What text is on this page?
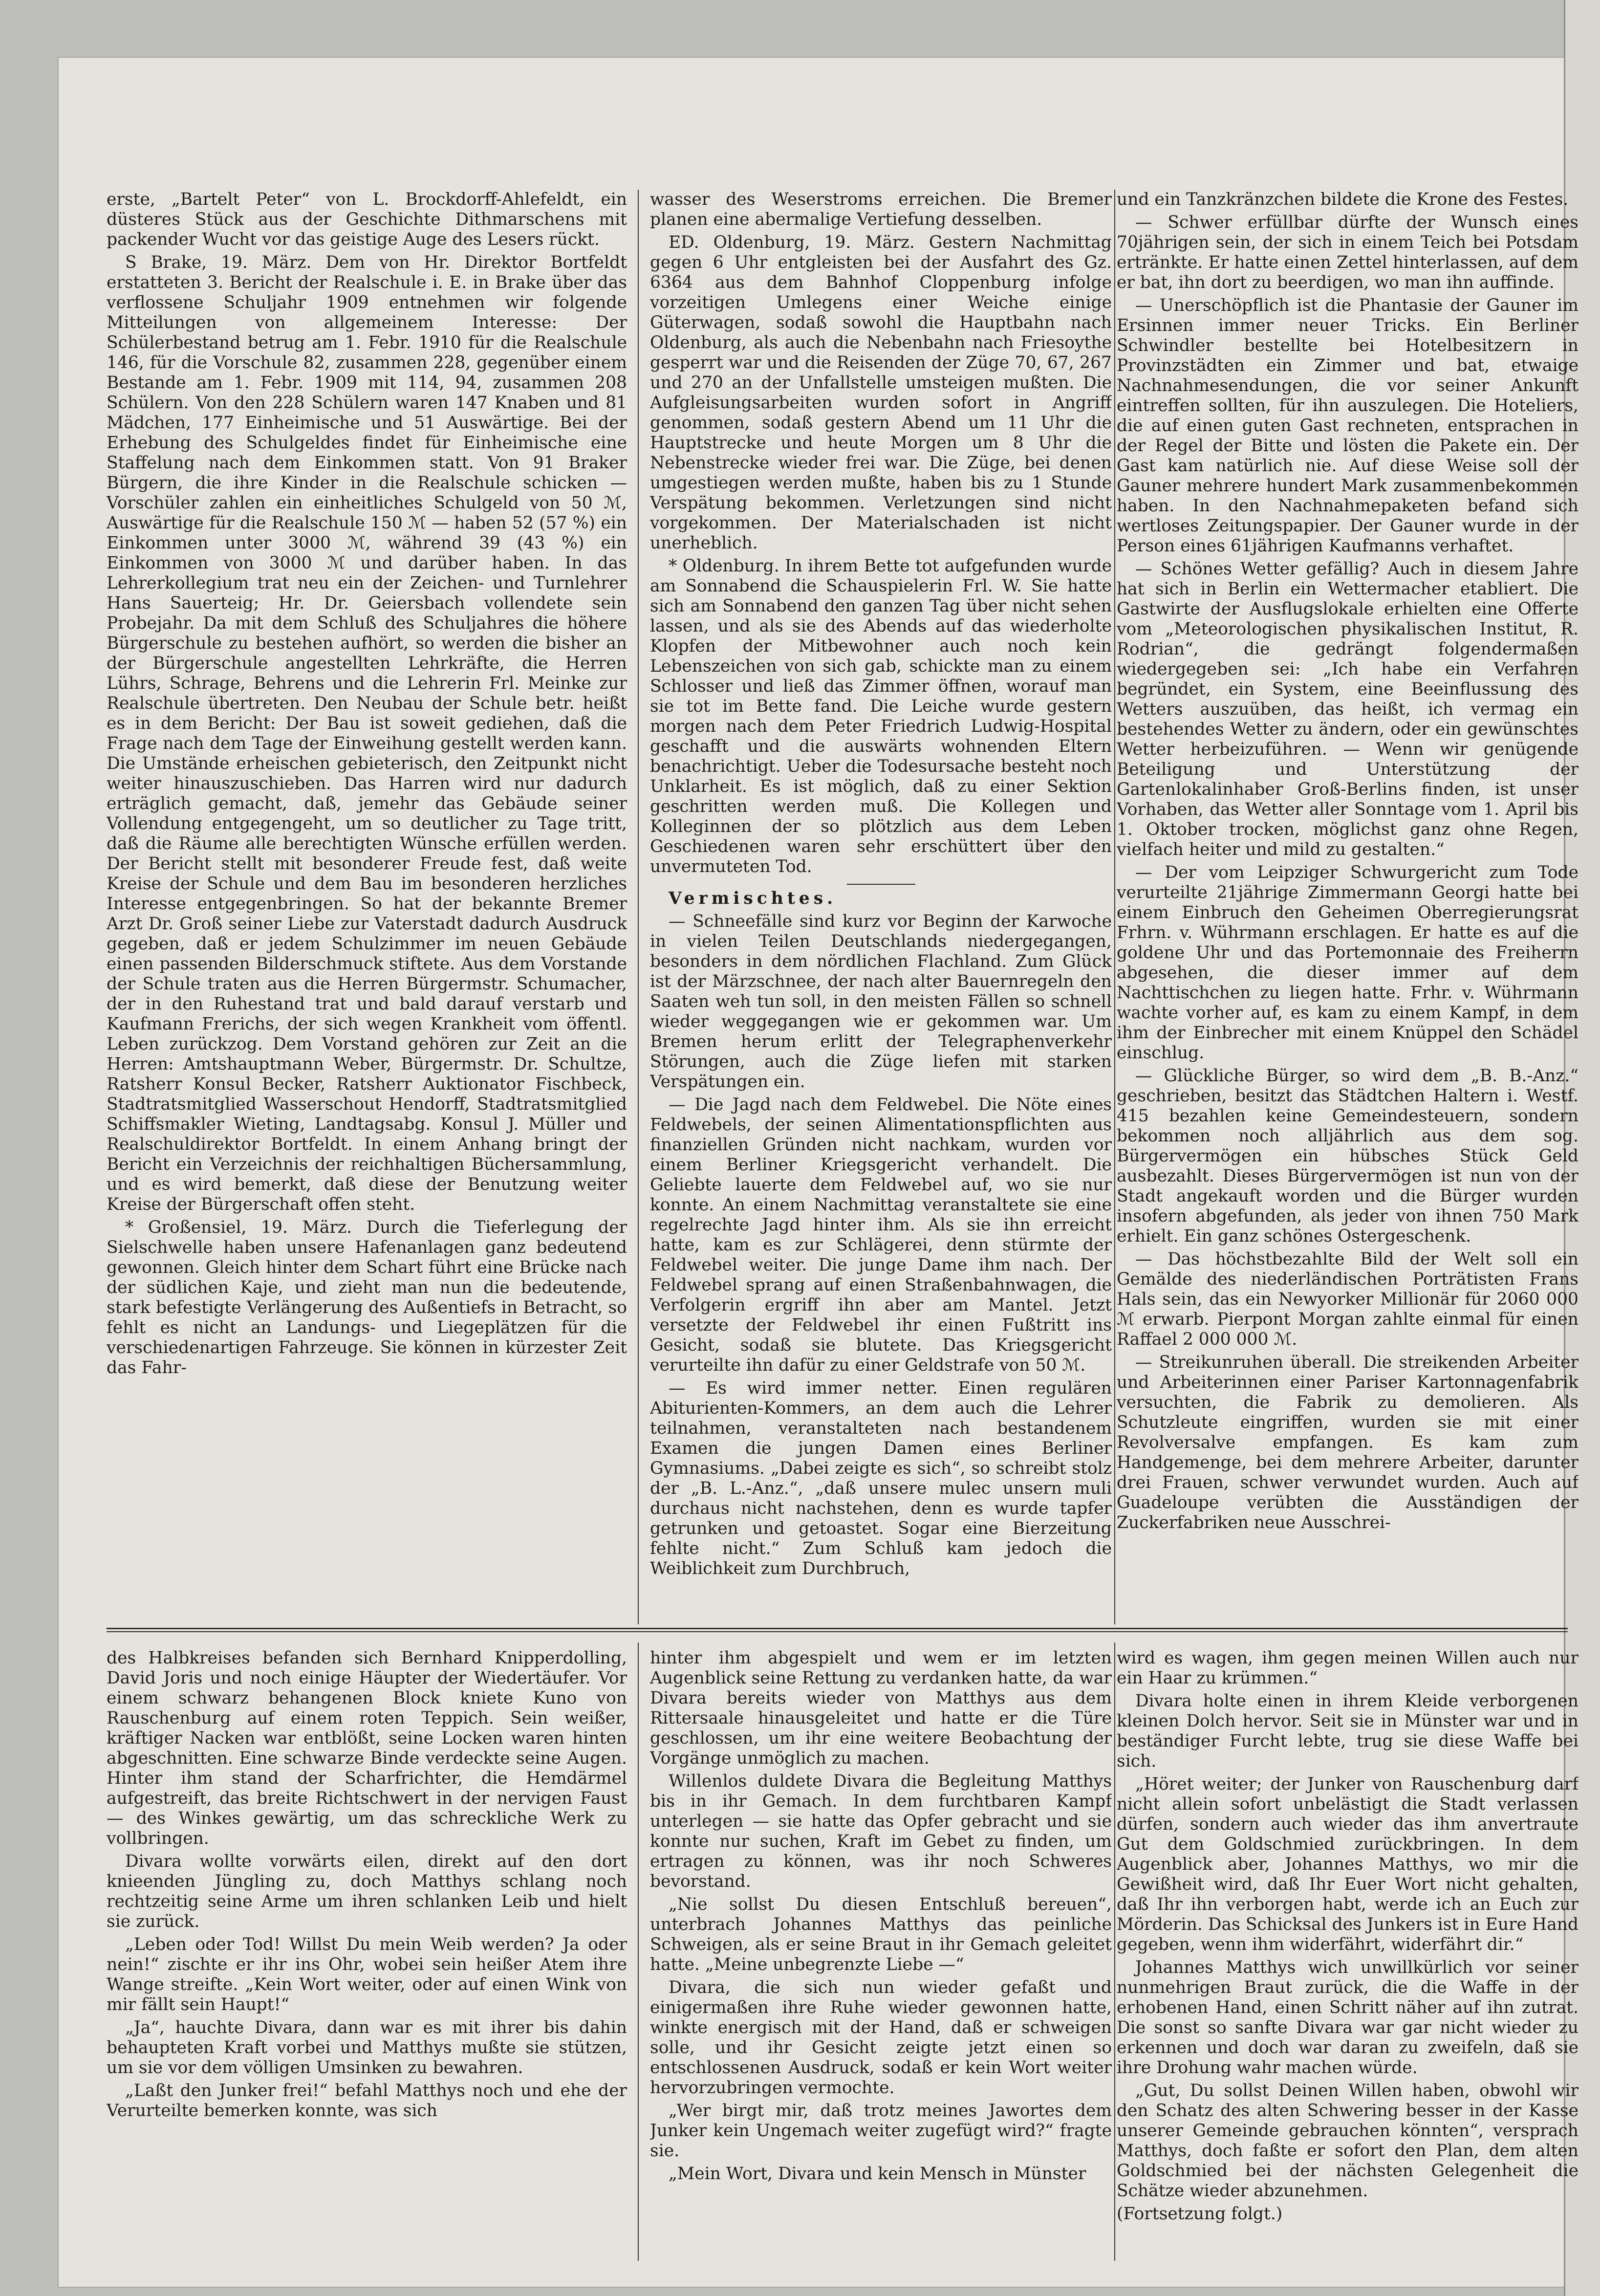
erste, „Bartelt Peter“ von L. Brockdorff-Ahlefeldt, ein düsteres Stück aus der Geschichte Dithmarschens mit packender Wucht vor das geistige Auge des Lesers rückt.

S Brake, 19. März. Dem von Hr. Direktor Bortfeldt erstatteten 3. Bericht der Realschule i. E. in Brake über das verflossene Schuljahr 1909 entnehmen wir folgende Mitteilungen von allgemeinem Interesse: Der Schülerbestand betrug am 1. Febr. 1910 für die Realschule 146, für die Vorschule 82, zusammen 228, gegenüber einem Bestande am 1. Febr. 1909 mit 114, 94, zusammen 208 Schülern. Von den 228 Schülern waren 147 Knaben und 81 Mädchen, 177 Einheimische und 51 Auswärtige. Bei der Erhebung des Schulgeldes findet für Einheimische eine Staffelung nach dem Einkommen statt. Von 91 Braker Bürgern, die ihre Kinder in die Realschule schicken — Vorschüler zahlen ein einheitliches Schulgeld von 50 ℳ, Auswärtige für die Realschule 150 ℳ — haben 52 (57 %) ein Einkommen unter 3000 ℳ, während 39 (43 %) ein Einkommen von 3000 ℳ und darüber haben. In das Lehrerkollegium trat neu ein der Zeichen- und Turnlehrer Hans Sauerteig; Hr. Dr. Geiersbach vollendete sein Probejahr. Da mit dem Schluß des Schuljahres die höhere Bürgerschule zu bestehen aufhört, so werden die bisher an der Bürgerschule angestellten Lehrkräfte, die Herren Lührs, Schrage, Behrens und die Lehrerin Frl. Meinke zur Realschule übertreten. Den Neubau der Schule betr. heißt es in dem Bericht: Der Bau ist soweit gediehen, daß die Frage nach dem Tage der Einweihung gestellt werden kann. Die Umstände erheischen gebieterisch, den Zeitpunkt nicht weiter hinauszuschieben. Das Harren wird nur dadurch erträglich gemacht, daß, jemehr das Gebäude seiner Vollendung entgegengeht, um so deutlicher zu Tage tritt, daß die Räume alle berechtigten Wünsche erfüllen werden. Der Bericht stellt mit besonderer Freude fest, daß weite Kreise der Schule und dem Bau im besonderen herzliches Interesse entgegenbringen. So hat der bekannte Bremer Arzt Dr. Groß seiner Liebe zur Vaterstadt dadurch Ausdruck gegeben, daß er jedem Schulzimmer im neuen Gebäude einen passenden Bilderschmuck stiftete. Aus dem Vorstande der Schule traten aus die Herren Bürgermstr. Schumacher, der in den Ruhestand trat und bald darauf verstarb und Kaufmann Frerichs, der sich wegen Krankheit vom öffentl. Leben zurückzog. Dem Vorstand gehören zur Zeit an die Herren: Amtshauptmann Weber, Bürgermstr. Dr. Schultze, Ratsherr Konsul Becker, Ratsherr Auktionator Fischbeck, Stadtratsmitglied Wasserschout Hendorff, Stadtratsmitglied Schiffsmakler Wieting, Landtagsabg. Konsul J. Müller und Realschuldirektor Bortfeldt. In einem Anhang bringt der Bericht ein Verzeichnis der reichhaltigen Büchersammlung, und es wird bemerkt, daß diese der Benutzung weiter Kreise der Bürgerschaft offen steht.

* Großensiel, 19. März. Durch die Tieferlegung der Sielschwelle haben unsere Hafenanlagen ganz bedeutend gewonnen. Gleich hinter dem Schart führt eine Brücke nach der südlichen Kaje, und zieht man nun die bedeutende, stark befestigte Verlängerung des Außentiefs in Betracht, so fehlt es nicht an Landungs- und Liegeplätzen für die verschiedenartigen Fahrzeuge. Sie können in kürzester Zeit das Fahr-

wasser des Weserstroms erreichen. Die Bremer planen eine abermalige Vertiefung desselben.

ED. Oldenburg, 19. März. Gestern Nachmittag gegen 6 Uhr entgleisten bei der Ausfahrt des Gz. 6364 aus dem Bahnhof Cloppenburg infolge vorzeitigen Umlegens einer Weiche einige Güterwagen, sodaß sowohl die Hauptbahn nach Oldenburg, als auch die Nebenbahn nach Friesoythe gesperrt war und die Reisenden der Züge 70, 67, 267 und 270 an der Unfallstelle umsteigen mußten. Die Aufgleisungsarbeiten wurden sofort in Angriff genommen, sodaß gestern Abend um 11 Uhr die Hauptstrecke und heute Morgen um 8 Uhr die Nebenstrecke wieder frei war. Die Züge, bei denen umgestiegen werden mußte, haben bis zu 1 Stunde Verspätung bekommen. Verletzungen sind nicht vorgekommen. Der Materialschaden ist nicht unerheblich.

* Oldenburg. In ihrem Bette tot aufgefunden wurde am Sonnabend die Schauspielerin Frl. W. Sie hatte sich am Sonnabend den ganzen Tag über nicht sehen lassen, und als sie des Abends auf das wiederholte Klopfen der Mitbewohner auch noch kein Lebenszeichen von sich gab, schickte man zu einem Schlosser und ließ das Zimmer öffnen, worauf man sie tot im Bette fand. Die Leiche wurde gestern morgen nach dem Peter Friedrich Ludwig-Hospital geschafft und die auswärts wohnenden Eltern benachrichtigt. Ueber die Todesursache besteht noch Unklarheit. Es ist möglich, daß zu einer Sektion geschritten werden muß. Die Kollegen und Kolleginnen der so plötzlich aus dem Leben Geschiedenen waren sehr erschüttert über den unvermuteten Tod.

Vermischtes.

— Schneefälle sind kurz vor Beginn der Karwoche in vielen Teilen Deutschlands niedergegangen, besonders in dem nördlichen Flachland. Zum Glück ist der Märzschnee, der nach alter Bauernregeln den Saaten weh tun soll, in den meisten Fällen so schnell wieder weggegangen wie er gekommen war. Um Bremen herum erlitt der Telegraphenverkehr Störungen, auch die Züge liefen mit starken Verspätungen ein.

— Die Jagd nach dem Feldwebel. Die Nöte eines Feldwebels, der seinen Alimentationspflichten aus finanziellen Gründen nicht nachkam, wurden vor einem Berliner Kriegsgericht verhandelt. Die Geliebte lauerte dem Feldwebel auf, wo sie nur konnte. An einem Nachmittag veranstaltete sie eine regelrechte Jagd hinter ihm. Als sie ihn erreicht hatte, kam es zur Schlägerei, denn stürmte der Feldwebel weiter. Die junge Dame ihm nach. Der Feldwebel sprang auf einen Straßenbahnwagen, die Verfolgerin ergriff ihn aber am Mantel. Jetzt versetzte der Feldwebel ihr einen Fußtritt ins Gesicht, sodaß sie blutete. Das Kriegsgericht verurteilte ihn dafür zu einer Geldstrafe von 50 ℳ.

— Es wird immer netter. Einen regulären Abiturienten-Kommers, an dem auch die Lehrer teilnahmen, veranstalteten nach bestandenem Examen die jungen Damen eines Berliner Gymnasiums. „Dabei zeigte es sich“, so schreibt stolz der „B. L.-Anz.“, „daß unsere mulec unsern muli durchaus nicht nachstehen, denn es wurde tapfer getrunken und getoastet. Sogar eine Bierzeitung fehlte nicht.“ Zum Schluß kam jedoch die Weiblichkeit zum Durchbruch,

und ein Tanzkränzchen bildete die Krone des Festes.

— Schwer erfüllbar dürfte der Wunsch eines 70jährigen sein, der sich in einem Teich bei Potsdam ertränkte. Er hatte einen Zettel hinterlassen, auf dem er bat, ihn dort zu beerdigen, wo man ihn auffinde.

— Unerschöpflich ist die Phantasie der Gauner im Ersinnen immer neuer Tricks. Ein Berliner Schwindler bestellte bei Hotelbesitzern in Provinzstädten ein Zimmer und bat, etwaige Nachnahmesendungen, die vor seiner Ankunft eintreffen sollten, für ihn auszulegen. Die Hoteliers, die auf einen guten Gast rechneten, entsprachen in der Regel der Bitte und lösten die Pakete ein. Der Gast kam natürlich nie. Auf diese Weise soll der Gauner mehrere hundert Mark zusammenbekommen haben. In den Nachnahmepaketen befand sich wertloses Zeitungspapier. Der Gauner wurde in der Person eines 61jährigen Kaufmanns verhaftet.

— Schönes Wetter gefällig? Auch in diesem Jahre hat sich in Berlin ein Wettermacher etabliert. Die Gastwirte der Ausflugslokale erhielten eine Offerte vom „Meteorologischen physikalischen Institut, R. Rodrian“, die gedrängt folgendermaßen wiedergegeben sei: „Ich habe ein Verfahren begründet, ein System, eine Beeinflussung des Wetters auszuüben, das heißt, ich vermag ein bestehendes Wetter zu ändern, oder ein gewünschtes Wetter herbeizuführen. — Wenn wir genügende Beteiligung und Unterstützung der Gartenlokalinhaber Groß-Berlins finden, ist unser Vorhaben, das Wetter aller Sonntage vom 1. April bis 1. Oktober trocken, möglichst ganz ohne Regen, vielfach heiter und mild zu gestalten.“

— Der vom Leipziger Schwurgericht zum Tode verurteilte 21jährige Zimmermann Georgi hatte bei einem Einbruch den Geheimen Oberregierungsrat Frhrn. v. Wührmann erschlagen. Er hatte es auf die goldene Uhr und das Portemonnaie des Freiherrn abgesehen, die dieser immer auf dem Nachttischchen zu liegen hatte. Frhr. v. Wührmann wachte vorher auf, es kam zu einem Kampf, in dem ihm der Einbrecher mit einem Knüppel den Schädel einschlug.

— Glückliche Bürger, so wird dem „B. B.-Anz.“ geschrieben, besitzt das Städtchen Haltern i. Westf. 415 bezahlen keine Gemeindesteuern, sondern bekommen noch alljährlich aus dem sog. Bürgervermögen ein hübsches Stück Geld ausbezahlt. Dieses Bürgervermögen ist nun von der Stadt angekauft worden und die Bürger wurden insofern abgefunden, als jeder von ihnen 750 Mark erhielt. Ein ganz schönes Ostergeschenk.

— Das höchstbezahlte Bild der Welt soll ein Gemälde des niederländischen Porträtisten Frans Hals sein, das ein Newyorker Millionär für 2060 000 ℳ erwarb. Pierpont Morgan zahlte einmal für einen Raffael 2 000 000 ℳ.

— Streikunruhen überall. Die streikenden Arbeiter und Arbeiterinnen einer Pariser Kartonnagenfabrik versuchten, die Fabrik zu demolieren. Als Schutzleute eingriffen, wurden sie mit einer Revolversalve empfangen. Es kam zum Handgemenge, bei dem mehrere Arbeiter, darunter drei Frauen, schwer verwundet wurden. Auch auf Guadeloupe verübten die Ausständigen der Zuckerfabriken neue Ausschrei-

des Halbkreises befanden sich Bernhard Knipperdolling, David Joris und noch einige Häupter der Wiedertäufer. Vor einem schwarz behangenen Block kniete Kuno von Rauschenburg auf einem roten Teppich. Sein weißer, kräftiger Nacken war entblößt, seine Locken waren hinten abgeschnitten. Eine schwarze Binde verdeckte seine Augen. Hinter ihm stand der Scharfrichter, die Hemdärmel aufgestreift, das breite Richtschwert in der nervigen Faust — des Winkes gewärtig, um das schreckliche Werk zu vollbringen.

Divara wollte vorwärts eilen, direkt auf den dort knieenden Jüngling zu, doch Matthys schlang noch rechtzeitig seine Arme um ihren schlanken Leib und hielt sie zurück.

„Leben oder Tod! Willst Du mein Weib werden? Ja oder nein!“ zischte er ihr ins Ohr, wobei sein heißer Atem ihre Wange streifte. „Kein Wort weiter, oder auf einen Wink von mir fällt sein Haupt!“

„Ja“, hauchte Divara, dann war es mit ihrer bis dahin behaupteten Kraft vorbei und Matthys mußte sie stützen, um sie vor dem völligen Umsinken zu bewahren.

„Laßt den Junker frei!“ befahl Matthys noch und ehe der Verurteilte bemerken konnte, was sich

hinter ihm abgespielt und wem er im letzten Augenblick seine Rettung zu verdanken hatte, da war Divara bereits wieder von Matthys aus dem Rittersaale hinausgeleitet und hatte er die Türe geschlossen, um ihr eine weitere Beobachtung der Vorgänge unmöglich zu machen.

Willenlos duldete Divara die Begleitung Matthys bis in ihr Gemach. In dem furchtbaren Kampf unterlegen — sie hatte das Opfer gebracht und sie konnte nur suchen, Kraft im Gebet zu finden, um ertragen zu können, was ihr noch Schweres bevorstand.

„Nie sollst Du diesen Entschluß bereuen“, unterbrach Johannes Matthys das peinliche Schweigen, als er seine Braut in ihr Gemach geleitet hatte. „Meine unbegrenzte Liebe —“

Divara, die sich nun wieder gefaßt und einigermaßen ihre Ruhe wieder gewonnen hatte, winkte energisch mit der Hand, daß er schweigen solle, und ihr Gesicht zeigte jetzt einen so entschlossenen Ausdruck, sodaß er kein Wort weiter hervorzubringen vermochte.

„Wer birgt mir, daß trotz meines Jawortes dem Junker kein Ungemach weiter zugefügt wird?“ fragte sie.

„Mein Wort, Divara und kein Mensch in Münster

wird es wagen, ihm gegen meinen Willen auch nur ein Haar zu krümmen.“

Divara holte einen in ihrem Kleide verborgenen kleinen Dolch hervor. Seit sie in Münster war und in beständiger Furcht lebte, trug sie diese Waffe bei sich.

„Höret weiter; der Junker von Rauschenburg darf nicht allein sofort unbelästigt die Stadt verlassen dürfen, sondern auch wieder das ihm anvertraute Gut dem Goldschmied zurückbringen. In dem Augenblick aber, Johannes Matthys, wo mir die Gewißheit wird, daß Ihr Euer Wort nicht gehalten, daß Ihr ihn verborgen habt, werde ich an Euch zur Mörderin. Das Schicksal des Junkers ist in Eure Hand gegeben, wenn ihm widerfährt, widerfährt dir.“

Johannes Matthys wich unwillkürlich vor seiner nunmehrigen Braut zurück, die die Waffe in der erhobenen Hand, einen Schritt näher auf ihn zutrat. Die sonst so sanfte Divara war gar nicht wieder zu erkennen und doch war daran zu zweifeln, daß sie ihre Drohung wahr machen würde.

„Gut, Du sollst Deinen Willen haben, obwohl wir den Schatz des alten Schwering besser in der Kasse unserer Gemeinde gebrauchen könnten“, versprach Matthys, doch faßte er sofort den Plan, dem alten Goldschmied bei der nächsten Gelegenheit die Schätze wieder abzunehmen.

(Fortsetzung folgt.)
